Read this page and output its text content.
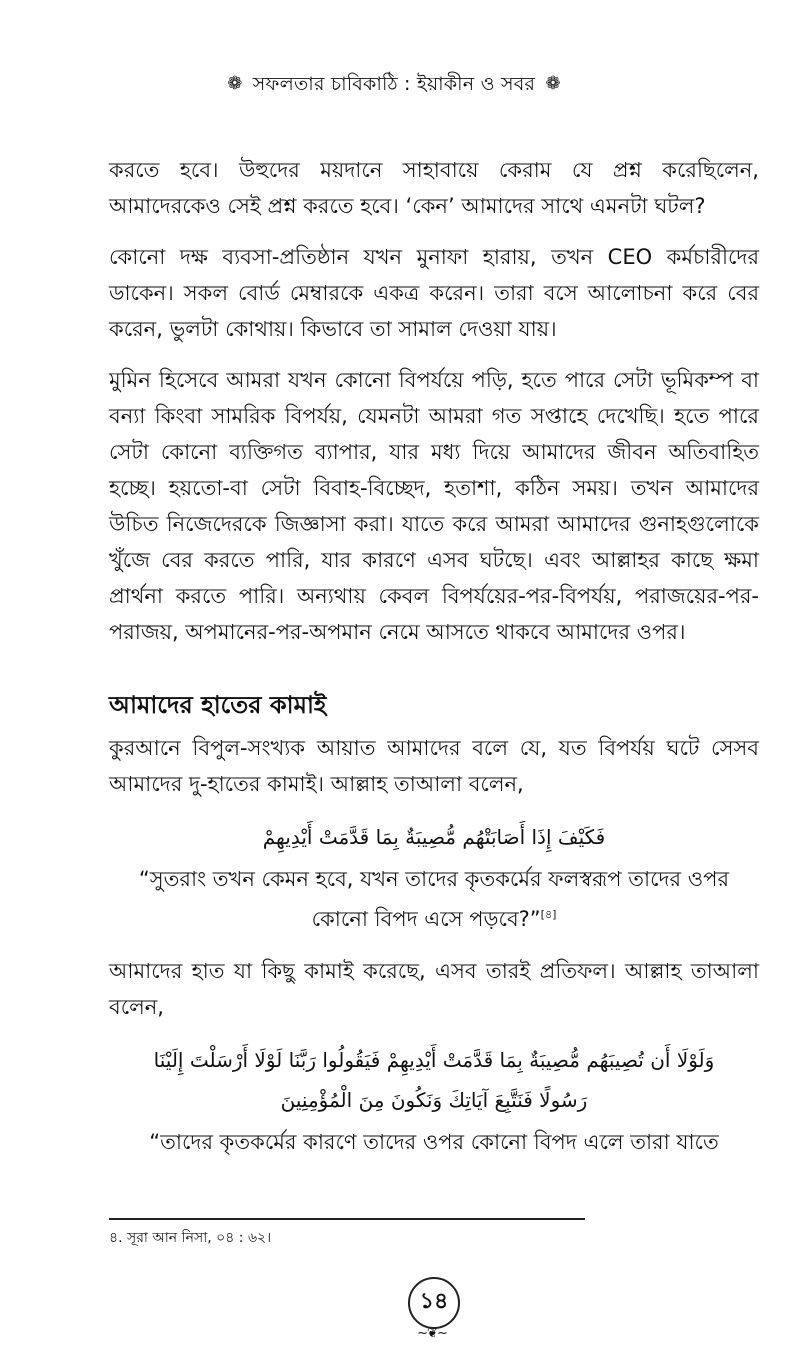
❁ সফলতার চাবিকাঠি : ইয়াকীন ও সবর ❁

করতে হবে। উহুদের ময়দানে সাহাবায়ে কেরাম যে প্রশ্ন করেছিলেন, আমাদেরকেও সেই প্রশ্ন করতে হবে। ‘কেন’ আমাদের সাথে এমনটা ঘটল?

কোনো দক্ষ ব্যবসা-প্রতিষ্ঠান যখন মুনাফা হারায়, তখন CEO কর্মচারীদের ডাকেন। সকল বোর্ড মেম্বারকে একত্র করেন। তারা বসে আলোচনা করে বের করেন, ভুলটা কোথায়। কিভাবে তা সামাল দেওয়া যায়।

মুমিন হিসেবে আমরা যখন কোনো বিপর্যয়ে পড়ি, হতে পারে সেটা ভূমিকম্প বা বন্যা কিংবা সামরিক বিপর্যয়, যেমনটা আমরা গত সপ্তাহে দেখেছি। হতে পারে সেটা কোনো ব্যক্তিগত ব্যাপার, যার মধ্য দিয়ে আমাদের জীবন অতিবাহিত হচ্ছে। হয়তো-বা সেটা বিবাহ-বিচ্ছেদ, হতাশা, কঠিন সময়। তখন আমাদের উচিত নিজেদেরকে জিজ্ঞাসা করা। যাতে করে আমরা আমাদের গুনাহগুলোকে খুঁজে বের করতে পারি, যার কারণে এসব ঘটছে। এবং আল্লাহর কাছে ক্ষমা প্রার্থনা করতে পারি। অন্যথায় কেবল বিপর্যয়ের-পর-বিপর্যয়, পরাজয়ের-পর-পরাজয়, অপমানের-পর-অপমান নেমে আসতে থাকবে আমাদের ওপর।

আমাদের হাতের কামাই

কুরআনে বিপুল-সংখ্যক আয়াত আমাদের বলে যে, যত বিপর্যয় ঘটে সেসব আমাদের দু-হাতের কামাই। আল্লাহ তাআলা বলেন,

فَكَيْفَ إِذَا أَصَابَتْهُم مُّصِيبَةٌ بِمَا قَدَّمَتْ أَيْدِيهِمْ
“সুতরাং তখন কেমন হবে, যখন তাদের কৃতকর্মের ফলস্বরূপ তাদের ওপর কোনো বিপদ এসে পড়বে?”[৪]

আমাদের হাত যা কিছু কামাই করেছে, এসব তারই প্রতিফল। আল্লাহ তাআলা বলেন,

وَلَوْلَا أَن تُصِيبَهُم مُّصِيبَةٌ بِمَا قَدَّمَتْ أَيْدِيهِمْ فَيَقُولُوا رَبَّنَا لَوْلَا أَرْسَلْتَ إِلَيْنَا
رَسُولًا فَنَتَّبِعَ آيَاتِكَ وَنَكُونَ مِنَ الْمُؤْمِنِينَ
“তাদের কৃতকর্মের কারণে তাদের ওপর কোনো বিপদ এলে তারা যাতে
৪. সূরা আন নিসা, ০৪ : ৬২।
১৪
~❦~
